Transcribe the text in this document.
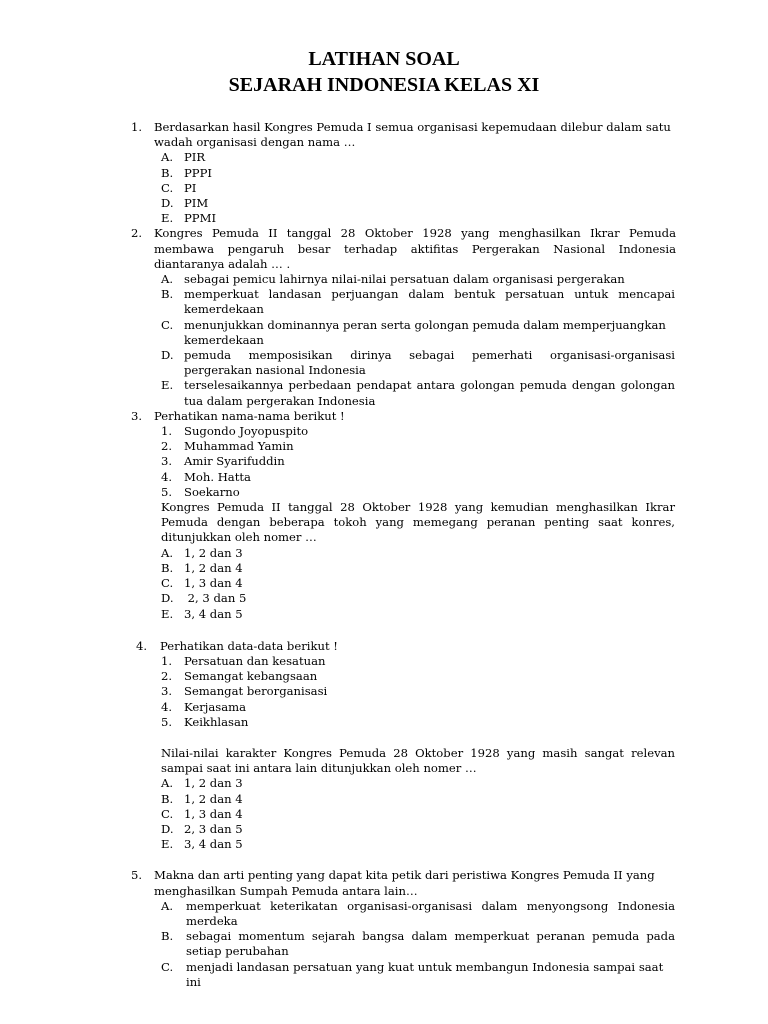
LATIHAN SOAL
SEJARAH INDONESIA KELAS XI
1. Berdasarkan hasil Kongres Pemuda I semua organisasi kepemudaan dilebur dalam satu wadah organisasi dengan nama …
A. PIR
B. PPPI
C. PI
D. PIM
E. PPMI
2. Kongres Pemuda II tanggal 28 Oktober 1928 yang menghasilkan Ikrar Pemuda membawa pengaruh besar terhadap aktifitas Pergerakan Nasional Indonesia diantaranya adalah … .
A. sebagai pemicu lahirnya nilai-nilai persatuan dalam organisasi pergerakan
B. memperkuat landasan perjuangan dalam bentuk persatuan untuk mencapai kemerdekaan
C. menunjukkan dominannya peran serta golongan pemuda dalam memperjuangkan kemerdekaan
D. pemuda memposisikan dirinya sebagai pemerhati organisasi-organisasi pergerakan nasional Indonesia
E. terselesaikannya perbedaan pendapat antara golongan pemuda dengan golongan tua dalam pergerakan Indonesia
3. Perhatikan nama-nama berikut !
1. Sugondo Joyopuspito
2. Muhammad Yamin
3. Amir Syarifuddin
4. Moh. Hatta
5. Soekarno
Kongres Pemuda II tanggal 28 Oktober 1928 yang kemudian menghasilkan Ikrar Pemuda dengan beberapa tokoh yang memegang peranan penting saat konres, ditunjukkan oleh nomer …
A. 1, 2 dan 3
B. 1, 2 dan 4
C. 1, 3 dan 4
D. 2, 3 dan 5
E. 3, 4 dan 5
4. Perhatikan data-data berikut !
1. Persatuan dan kesatuan
2. Semangat kebangsaan
3. Semangat berorganisasi
4. Kerjasama
5. Keikhlasan
Nilai-nilai karakter Kongres Pemuda 28 Oktober 1928 yang masih sangat relevan sampai saat ini antara lain ditunjukkan oleh nomer …
A. 1, 2 dan 3
B. 1, 2 dan 4
C. 1, 3 dan 4
D. 2, 3 dan 5
E. 3, 4 dan 5
5. Makna dan arti penting yang dapat kita petik dari peristiwa Kongres Pemuda II yang menghasilkan Sumpah Pemuda antara lain…
A. memperkuat keterikatan organisasi-organisasi dalam menyongsong Indonesia merdeka
B. sebagai momentum sejarah bangsa dalam memperkuat peranan pemuda pada setiap perubahan
C. menjadi landasan persatuan yang kuat untuk membangun Indonesia sampai saat ini
